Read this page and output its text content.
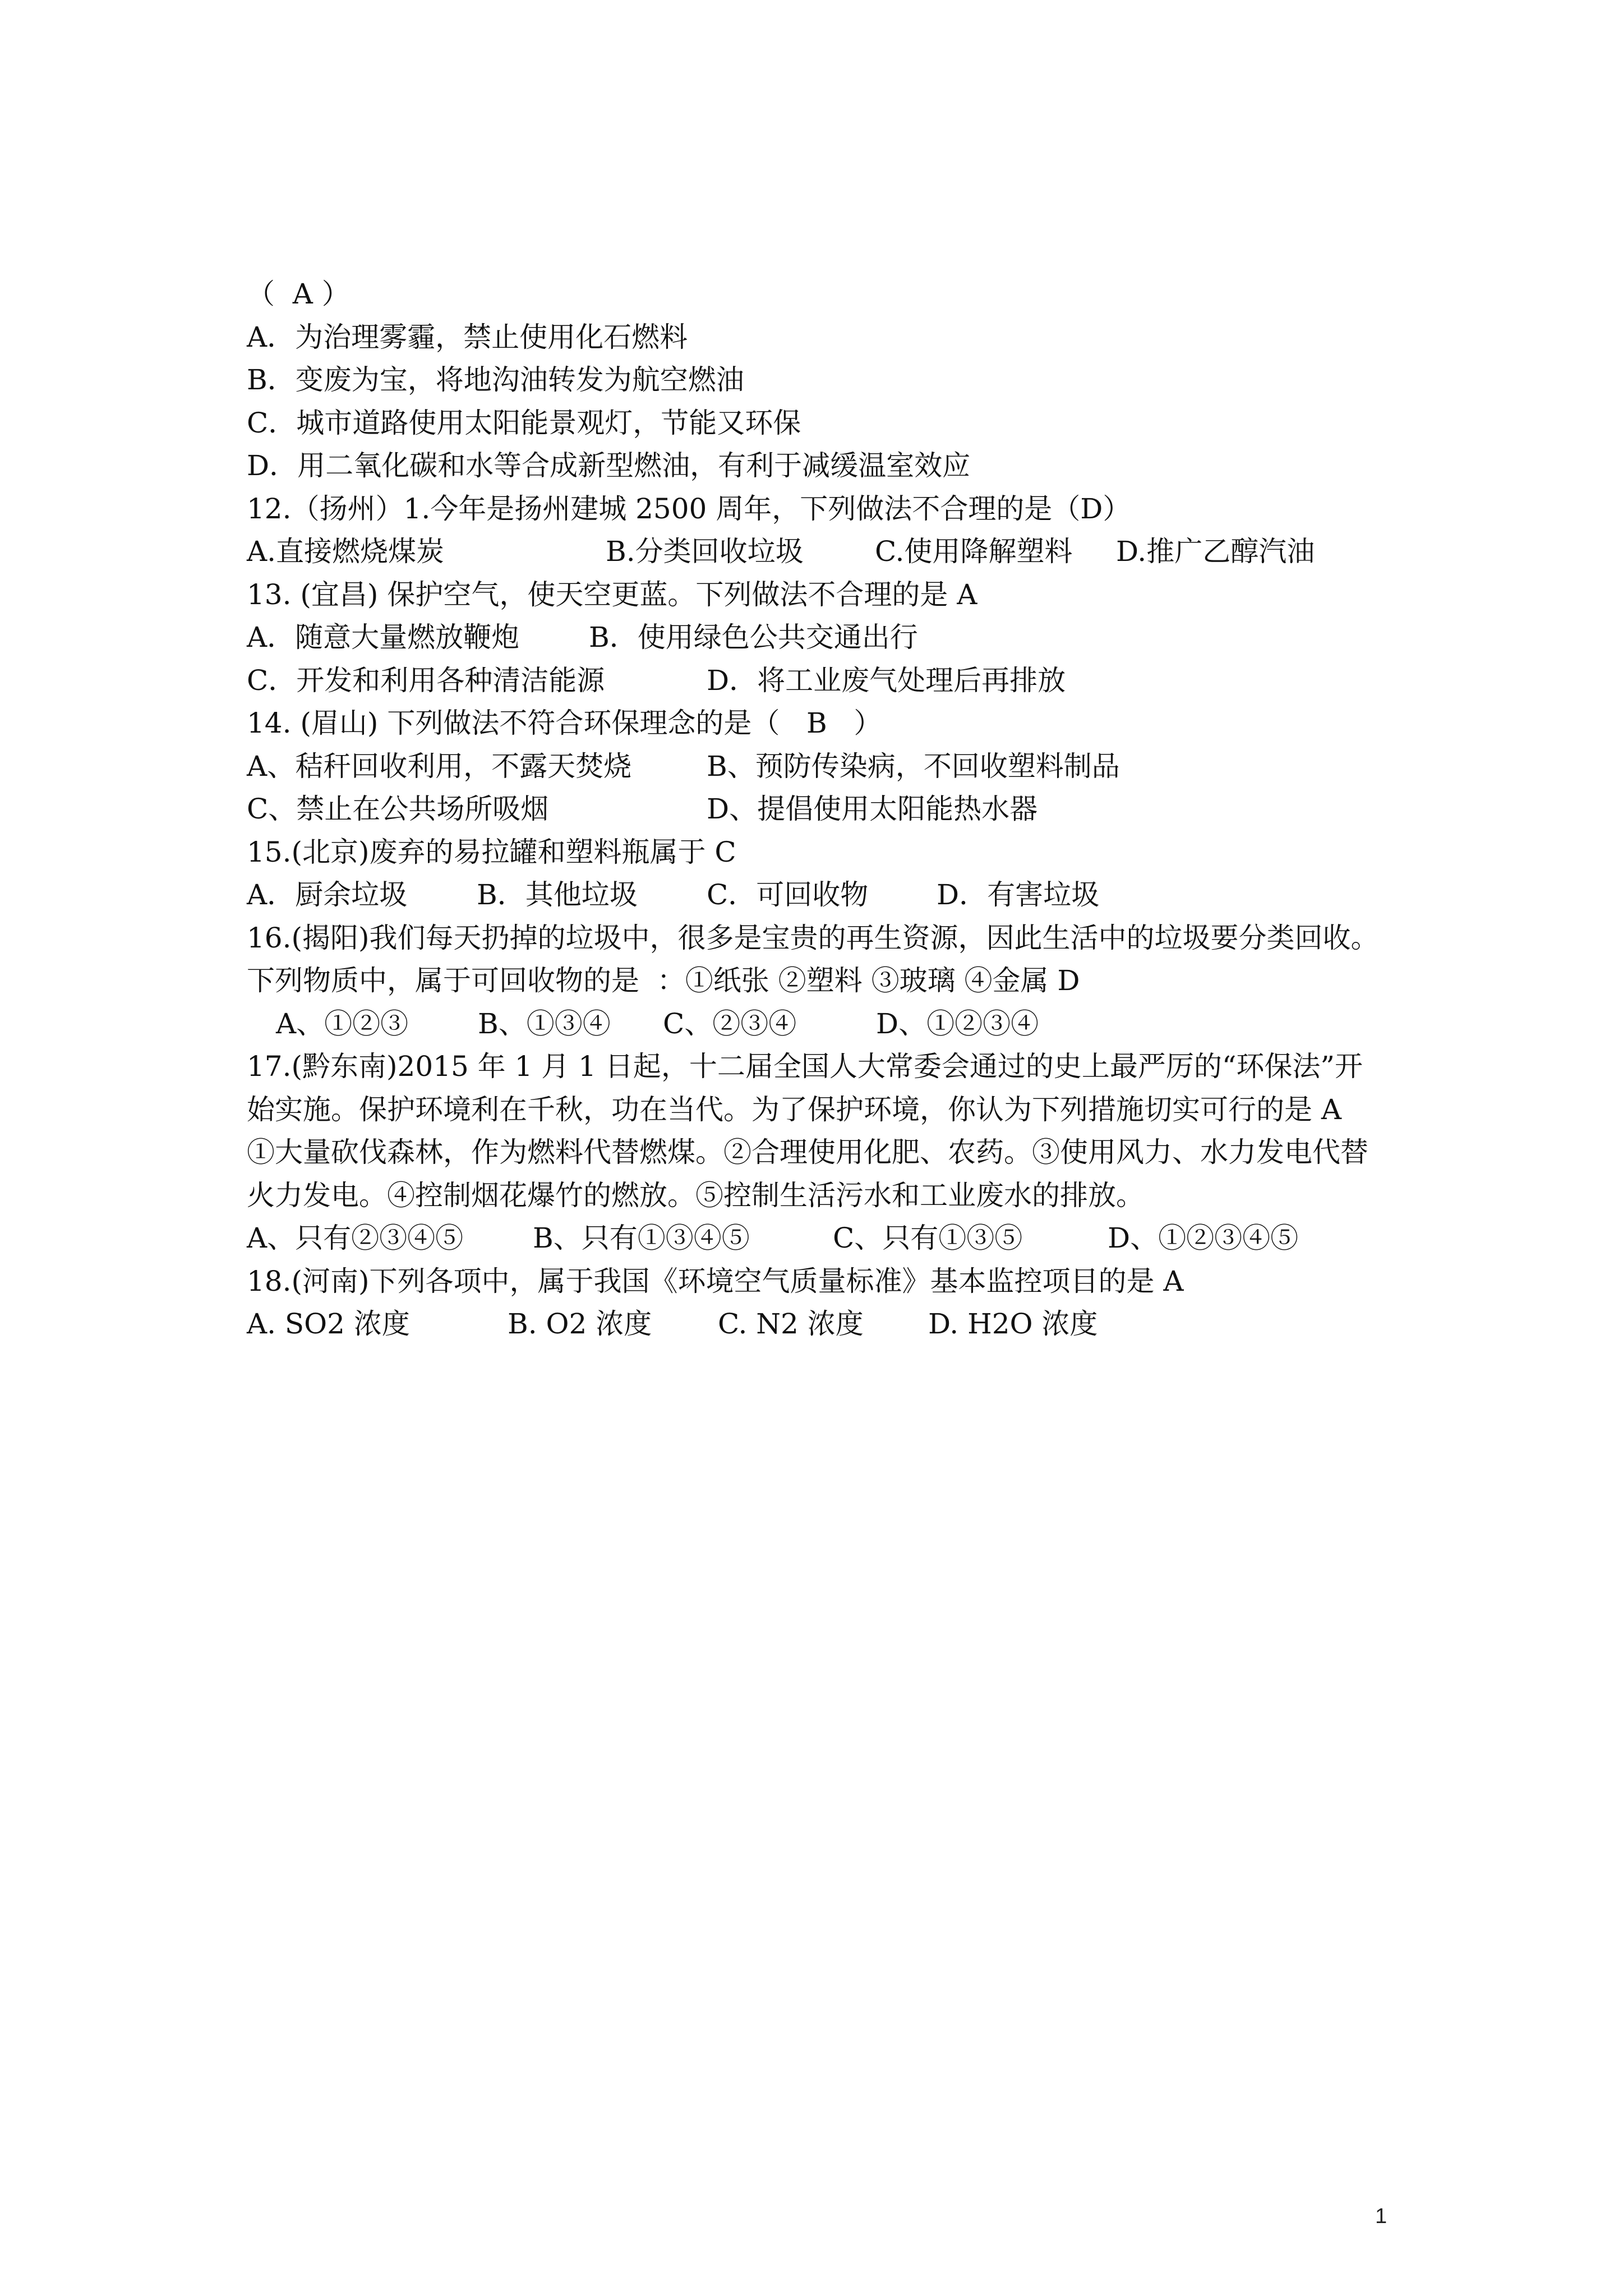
（  A ）
A．为治理雾霾，禁止使用化石燃料
B．变废为宝，将地沟油转发为航空燃油
C．城市道路使用太阳能景观灯，节能又环保
D．用二氧化碳和水等合成新型燃油，有利于减缓温室效应
12.（扬州）1.今年是扬州建城 2500 周年，下列做法不合理的是（D）
A.直接燃烧煤炭	B.分类回收垃圾	C.使用降解塑料	D.推广乙醇汽油
13. (宜昌) 保护空气，使天空更蓝。下列做法不合理的是 A
A．随意大量燃放鞭炮	B．使用绿色公共交通出行
C．开发和利用各种清洁能源	D．将工业废气处理后再排放
14. (眉山) 下列做法不符合环保理念的是（   B   ）
A、秸秆回收利用，不露天焚烧	B、预防传染病，不回收塑料制品
C、禁止在公共场所吸烟	D、提倡使用太阳能热水器
15.(北京)废弃的易拉罐和塑料瓶属于 C
A．厨余垃圾	B．其他垃圾	C．可回收物	D．有害垃圾
16.(揭阳)我们每天扔掉的垃圾中，很多是宝贵的再生资源，因此生活中的垃圾要分类回收。
下列物质中，属于可回收物的是  ：①纸张 ②塑料 ③玻璃 ④金属 D
A、①②③	B、①③④	C、②③④	D、①②③④
17.(黔东南)2015 年 1 月 1 日起，十二届全国人大常委会通过的史上最严厉的“环保法”开
始实施。保护环境利在千秋，功在当代。为了保护环境，你认为下列措施切实可行的是 A
①大量砍伐森林，作为燃料代替燃煤。②合理使用化肥、农药。③使用风力、水力发电代替
火力发电。④控制烟花爆竹的燃放。⑤控制生活污水和工业废水的排放。
A、只有②③④⑤	B、只有①③④⑤	C、只有①③⑤	D、①②③④⑤
18.(河南)下列各项中，属于我国《环境空气质量标准》基本监控项目的是 A
A. SO2 浓度	B. O2 浓度	C. N2 浓度	D. H2O 浓度
1
